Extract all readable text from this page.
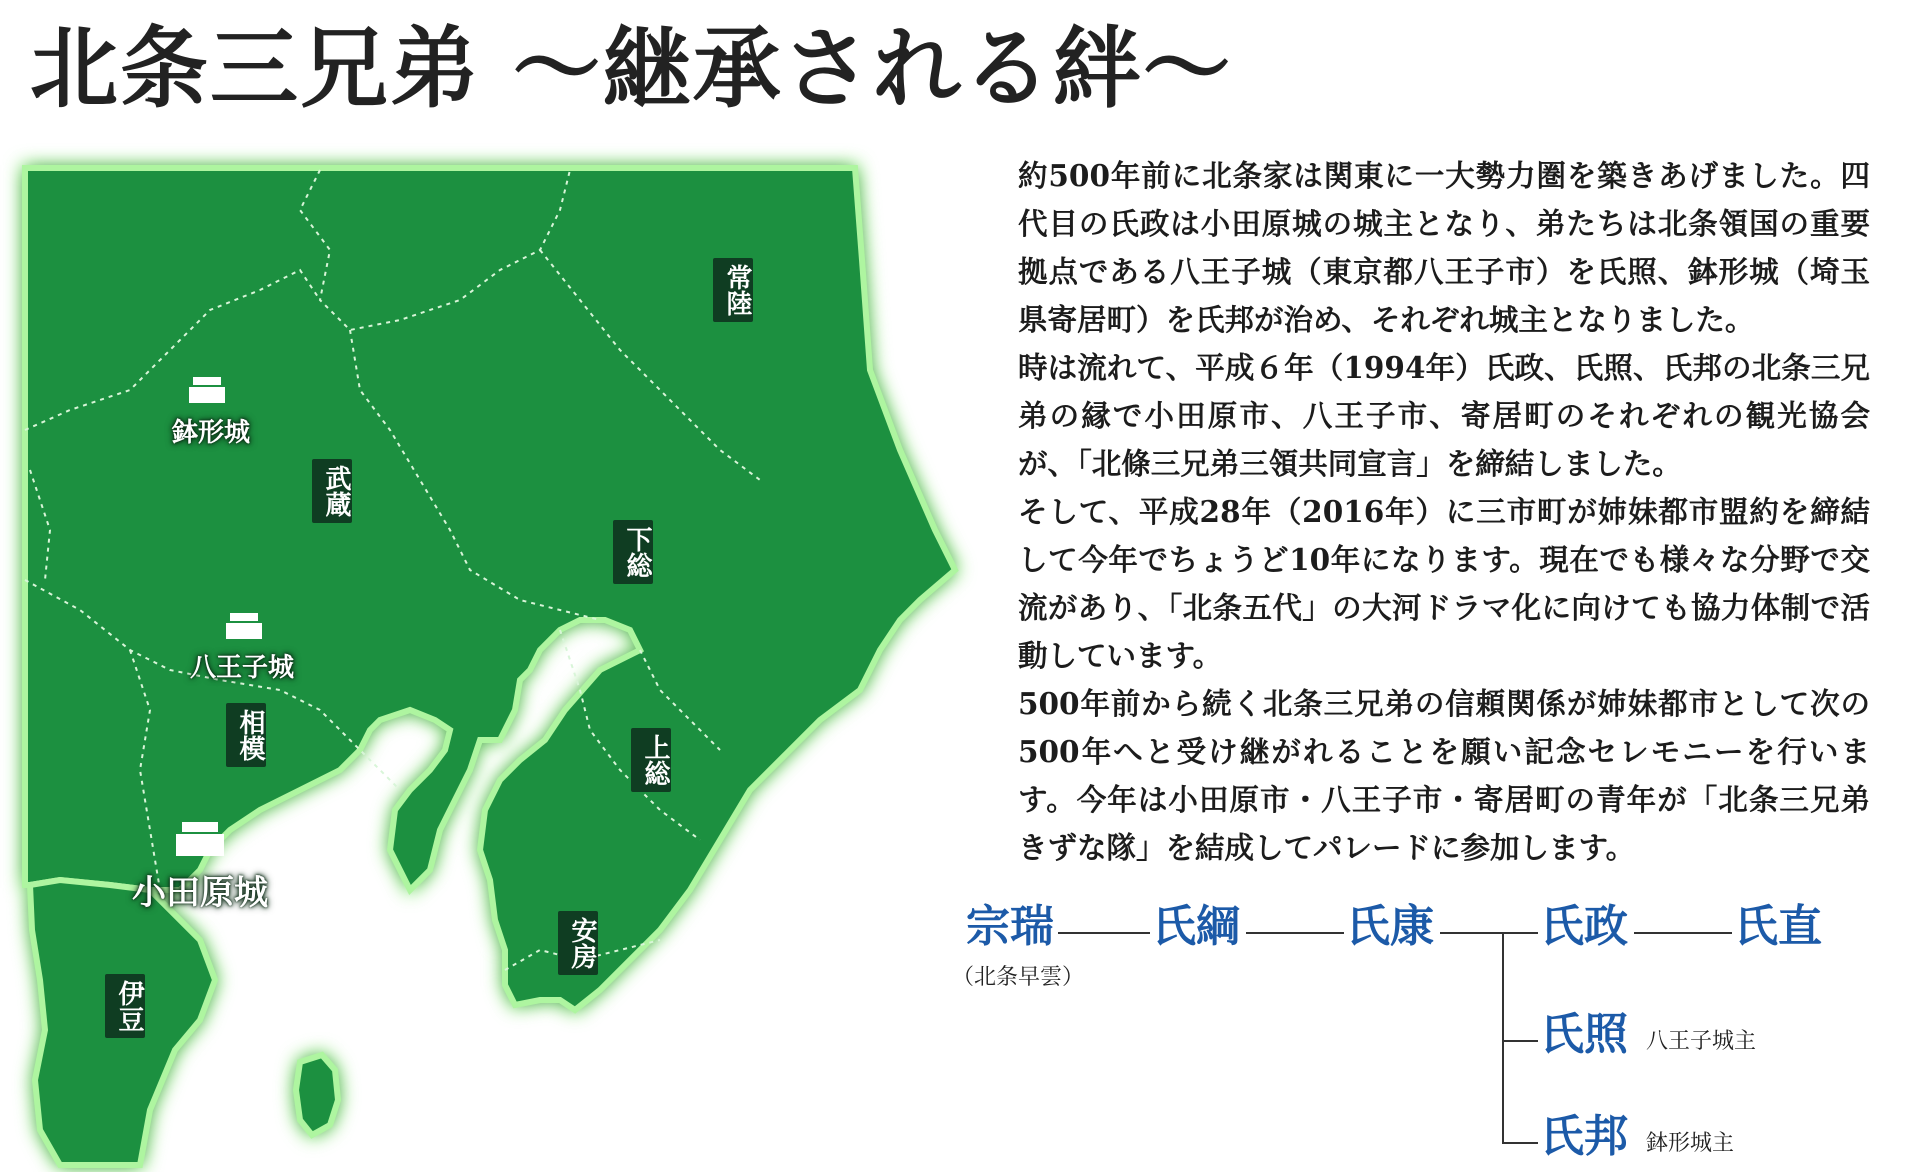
北条三兄弟 〜継承される絆〜
常陸
武蔵
下総
相模	上総
安房
伊豆
鉢形城
八王子城
小田原城

約500年前に北条家は関東に一大勢力圏を築きあげました。四代目の氏政は小田原城の城主となり、弟たちは北条領国の重要拠点である八王子城（東京都八王子市）を氏照、鉢形城（埼玉県寄居町）を氏邦が治め、それぞれ城主となりました。

時は流れて、平成６年（1994年）氏政、氏照、氏邦の北条三兄弟の縁で小田原市、八王子市、寄居町のそれぞれの観光協会が、「北條三兄弟三領共同宣言」を締結しました。

そして、平成28年（2016年）に三市町が姉妹都市盟約を締結して今年でちょうど10年になります。現在でも様々な分野で交流があり、「北条五代」の大河ドラマ化に向けても協力体制で活動しています。

500年前から続く北条三兄弟の信頼関係が姉妹都市として次の500年へと受け継がれることを願い記念セレモニーを行います。今年は小田原市・八王子市・寄居町の青年が「北条三兄弟きずな隊」を結成してパレードに参加します。

宗瑞
（北条早雲）
氏綱 氏康 氏政 氏直
氏照 八王子城主
氏邦 鉢形城主
